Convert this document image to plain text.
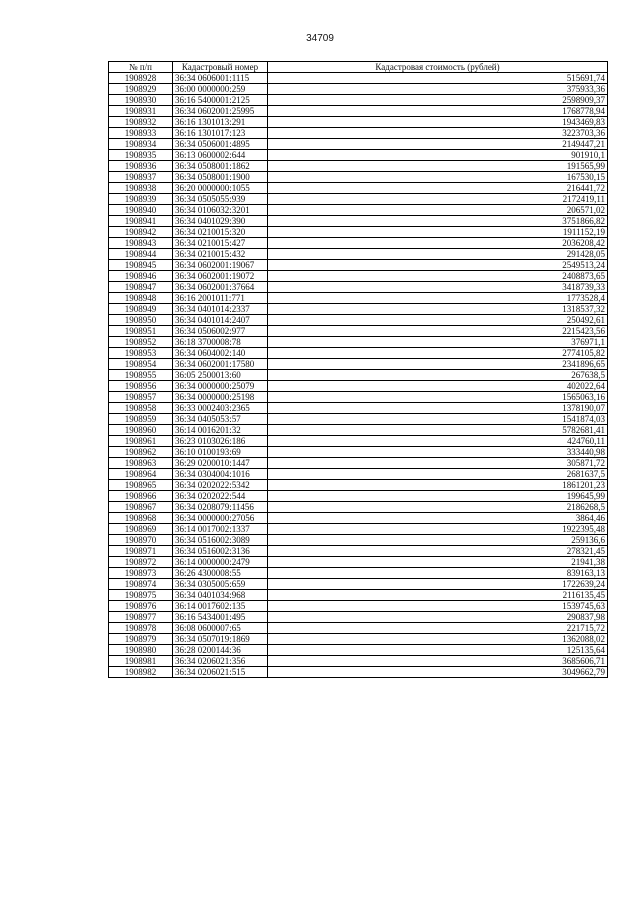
34709
№ п/п	Кадастровый номер	Кадастровая стоимость (рублей)
1908928	36:34 0606001:1115	515691,74
1908929	36:00 0000000:259	375933,36
1908930	36:16 5400001:2125	2598909,37
1908931	36:34 0602001:25995	1768778,94
1908932	36:16 1301013:291	1943469,83
1908933	36:16 1301017:123	3223703,36
1908934	36:34 0506001:4895	2149447,21
1908935	36:13 0600002:644	901910,1
1908936	36:34 0508001:1862	191565,99
1908937	36:34 0508001:1900	167530,15
1908938	36:20 0000000:1055	216441,72
1908939	36:34 0505055:939	2172419,11
1908940	36:34 0106032:3201	206571,02
1908941	36:34 0401029:390	3751866,82
1908942	36:34 0210015:320	1911152,19
1908943	36:34 0210015:427	2036208,42
1908944	36:34 0210015:432	291428,05
1908945	36:34 0602001:19067	2549513,24
1908946	36:34 0602001:19072	2408873,65
1908947	36:34 0602001:37664	3418739,33
1908948	36:16 2001011:771	1773528,4
1908949	36:34 0401014:2337	1318537,32
1908950	36:34 0401014:2407	250492,61
1908951	36:34 0506002:977	2215423,56
1908952	36:18 3700008:78	376971,1
1908953	36:34 0604002:140	2774105,82
1908954	36:34 0602001:17580	2341896,65
1908955	36:05 2500013:60	267638,5
1908956	36:34 0000000:25079	402022,64
1908957	36:34 0000000:25198	1565063,16
1908958	36:33 0002403:2365	1378190,07
1908959	36:34 0405053:57	1541874,03
1908960	36:14 0016201:32	5782681,41
1908961	36:23 0103026:186	424760,11
1908962	36:10 0100193:69	333440,98
1908963	36:29 0200010:1447	305871,72
1908964	36:34 0304004:1016	2681637,5
1908965	36:34 0202022:5342	1861201,23
1908966	36:34 0202022:544	199645,99
1908967	36:34 0208079:11456	2186268,5
1908968	36:34 0000000:27056	3864,46
1908969	36:14 0017002:1337	1922395,48
1908970	36:34 0516002:3089	259136,6
1908971	36:34 0516002:3136	278321,45
1908972	36:14 0000000:2479	21941,38
1908973	36:26 4300008:55	839163,13
1908974	36:34 0305005:659	1722639,24
1908975	36:34 0401034:968	2116135,45
1908976	36:14 0017602:135	1539745,63
1908977	36:16 5434001:495	290837,98
1908978	36:08 0600007:65	221715,72
1908979	36:34 0507019:1869	1362088,02
1908980	36:28 0200144:36	125135,64
1908981	36:34 0206021:356	3685606,71
1908982	36:34 0206021:515	3049662,79
